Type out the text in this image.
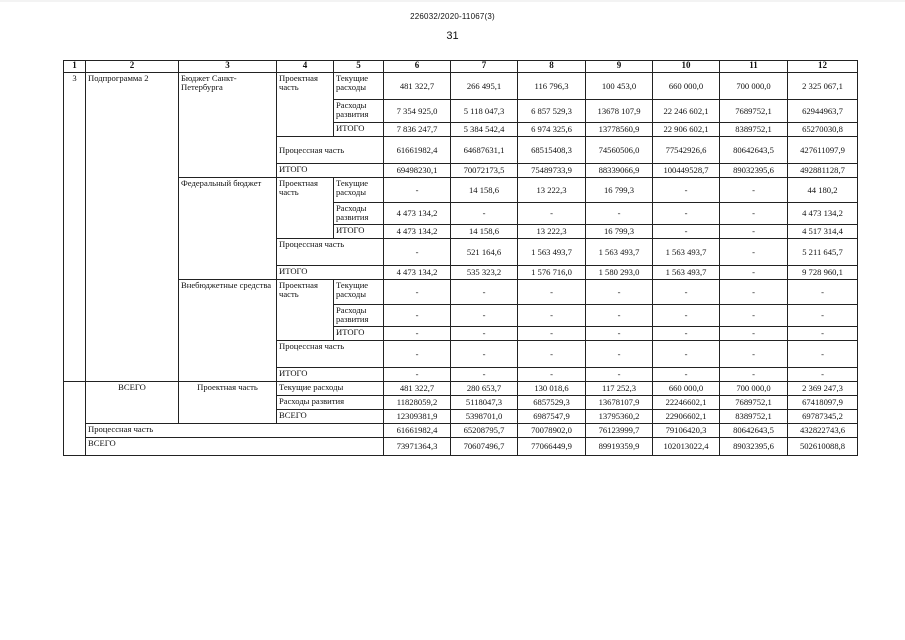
226032/2020-11067(3)
31
1	2	3	4	5	6	7	8	9	10	11	12
3	Подпрограмма 2	Бюджет Санкт-Петербурга	Проектная часть	Текущие расходы	481 322,7	266 495,1	116 796,3	100 453,0	660 000,0	700 000,0	2 325 067,1
				Расходы развития	7 354 925,0	5 118 047,3	6 857 529,3	13678 107,9	22 246 602,1	7689752,1	62944963,7
				ИТОГО	7 836 247,7	5 384 542,4	6 974 325,6	13778560,9	22 906 602,1	8389752,1	65270030,8
			Процессная часть		61661982,4	64687631,1	68515408,3	74560506,0	77542926,6	80642643,5	427611097,9
			ИТОГО		69498230,1	70072173,5	75489733,9	88339066,9	100449528,7	89032395,6	492881128,7
		Федеральный бюджет	Проектная часть	Текущие расходы	-	14 158,6	13 222,3	16 799,3	-	-	44 180,2
				Расходы развития	4 473 134,2	-	-	-	-	-	4 473 134,2
				ИТОГО	4 473 134,2	14 158,6	13 222,3	16 799,3	-	-	4 517 314,4
			Процессная часть		-	521 164,6	1 563 493,7	1 563 493,7	1 563 493,7	-	5 211 645,7
			ИТОГО		4 473 134,2	535 323,2	1 576 716,0	1 580 293,0	1 563 493,7	-	9 728 960,1
		Внебюджетные средства	Проектная часть	Текущие расходы	-	-	-	-	-	-	-
				Расходы развития	-	-	-	-	-	-	-
				ИТОГО	-	-	-	-	-	-	-
			Процессная часть		-	-	-	-	-	-	-
			ИТОГО		-	-	-	-	-	-	-
	ВСЕГО	Проектная часть	Текущие расходы		481 322,7	280 653,7	130 018,6	117 252,3	660 000,0	700 000,0	2 369 247,3
			Расходы развития		11828059,2	5118047,3	6857529,3	13678107,9	22246602,1	7689752,1	67418097,9
			ВСЕГО		12309381,9	5398701,0	6987547,9	13795360,2	22906602,1	8389752,1	69787345,2
	Процессная часть				61661982,4	65208795,7	70078902,0	76123999,7	79106420,3	80642643,5	432822743,6
	ВСЕГО				73971364,3	70607496,7	77066449,9	89919359,9	102013022,4	89032395,6	502610088,8
